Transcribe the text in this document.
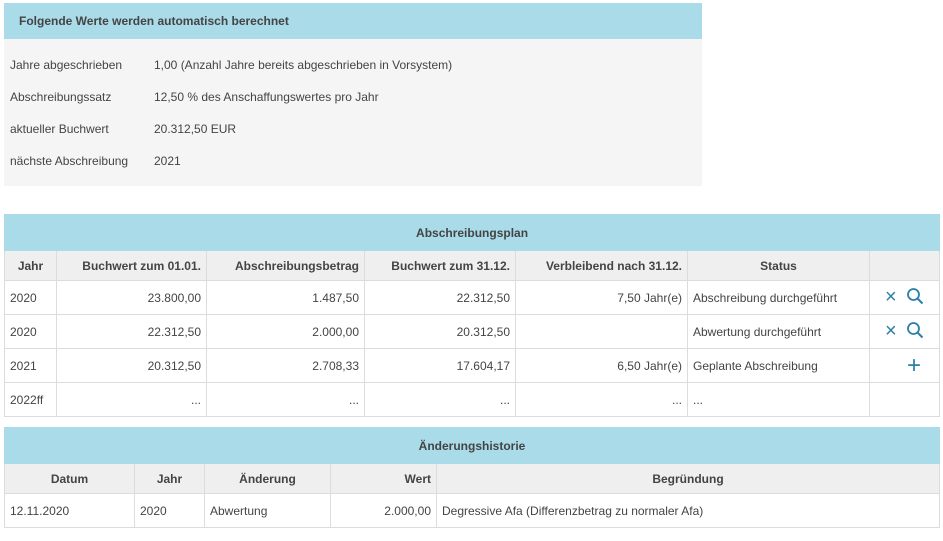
Folgende Werte werden automatisch berechnet
Jahre abgeschrieben	1,00 (Anzahl Jahre bereits abgeschrieben in Vorsystem)
Abschreibungssatz	12,50 % des Anschaffungswertes pro Jahr
aktueller Buchwert	20.312,50 EUR
nächste Abschreibung	2021
Abschreibungsplan						
Jahr	Buchwert zum 01.01.	Abschreibungsbetrag	Buchwert zum 31.12.	Verbleibend nach 31.12.	Status	
2020	23.800,00	1.487,50	22.312,50	7,50 Jahr(e)	Abschreibung durchgeführt	×
2020	22.312,50	2.000,00	20.312,50		Abwertung durchgeführt	×
2021	20.312,50	2.708,33	17.604,17	6,50 Jahr(e)	Geplante Abschreibung	+
2022ff	...	...	...	...	...	
Änderungshistorie				
Datum	Jahr	Änderung	Wert	Begründung
12.11.2020	2020	Abwertung	2.000,00	Degressive Afa (Differenzbetrag zu normaler Afa)
